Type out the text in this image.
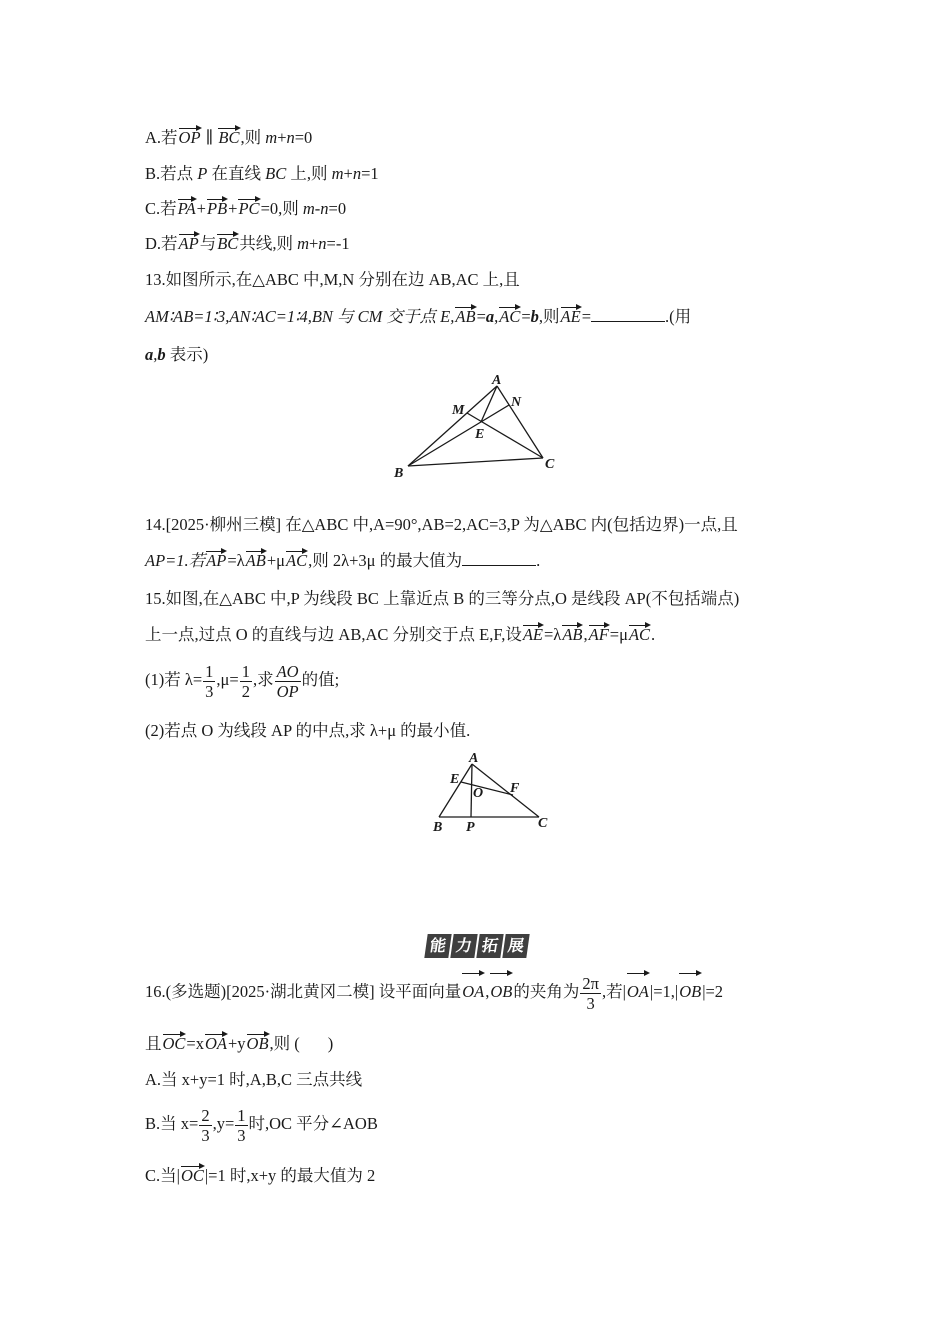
A.若OP ∥ BC,则 m+n=0
B.若点 P 在直线 BC 上,则 m+n=1
C.若PA+PB+PC=0,则 m-n=0
D.若AP与BC共线,则 m+n=-1
13.如图所示,在△ABC 中,M,N 分别在边 AB,AC 上,且
AM∶AB=1∶3,AN∶AC=1∶4,BN 与 CM 交于点 E,AB=a,AC=b,则AE=	.(用
a,b 表示)
A
B
C
M
N
E
14.[2025·柳州三模] 在△ABC 中,A=90°,AB=2,AC=3,P 为△ABC 内(包括边界)一点,且
AP=1.若AP=λAB+μAC,则 2λ+3μ 的最大值为	.
15.如图,在△ABC 中,P 为线段 BC 上靠近点 B 的三等分点,O 是线段 AP(不包括端点)
上一点,过点 O 的直线与边 AB,AC 分别交于点 E,F,设AE=λAB,AF=μAC.
(1)若 $\lambda= \frac{1}{3} ,\mu= \frac{1}{2}$ ,求 $\frac{AO}{OP}$ 的值;
(2)若点 O 为线段 AP 的中点,求 λ+μ 的最小值.
A
B	C
E
F
O
P
能 力 拓 展
16.(多选题)[2025·湖北黄冈二模] 设平面向量OA,OB的夹角为 $\frac{2\pi}{3}$ ,若|OA|=1,|OB|=2
且OC=xOA+yOB,则 ( )
A.当 x+y=1 时,A,B,C 三点共线
B.当 $x= \frac{2}{3} ,y= \frac{1}{3}$ 时,OC 平分∠AOB
C.当|OC|=1 时,x+y 的最大值为 2
